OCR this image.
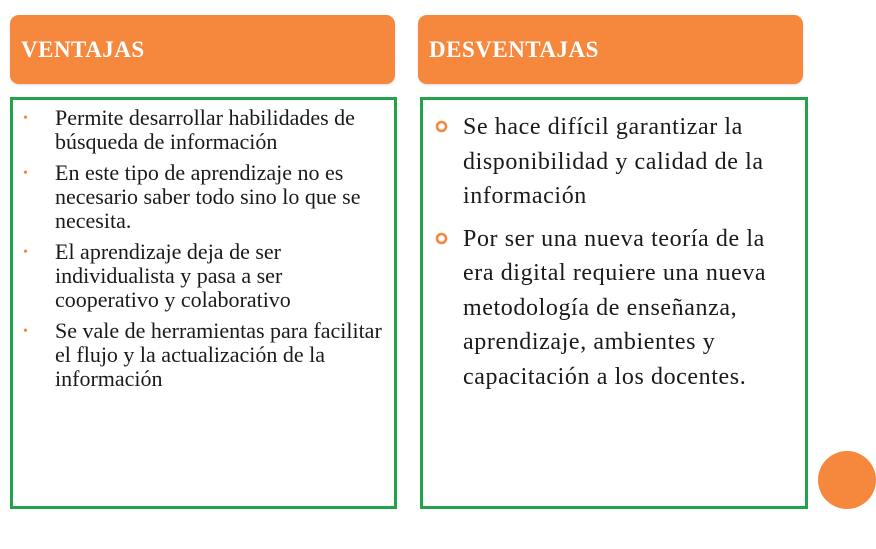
VENTAJAS	DESVENTAJAS
• Permite desarrollar habilidades de búsqueda de información
• En este tipo de aprendizaje no es necesario saber todo sino lo que se necesita.
• El aprendizaje deja de ser individualista y pasa a ser cooperativo y colaborativo
• Se vale de herramientas para facilitar el flujo y la actualización de la información
Se hace difícil garantizar la disponibilidad y calidad de la información
Por ser una nueva teoría de la era digital requiere una nueva metodología de enseñanza, aprendizaje, ambientes y capacitación a los docentes.
